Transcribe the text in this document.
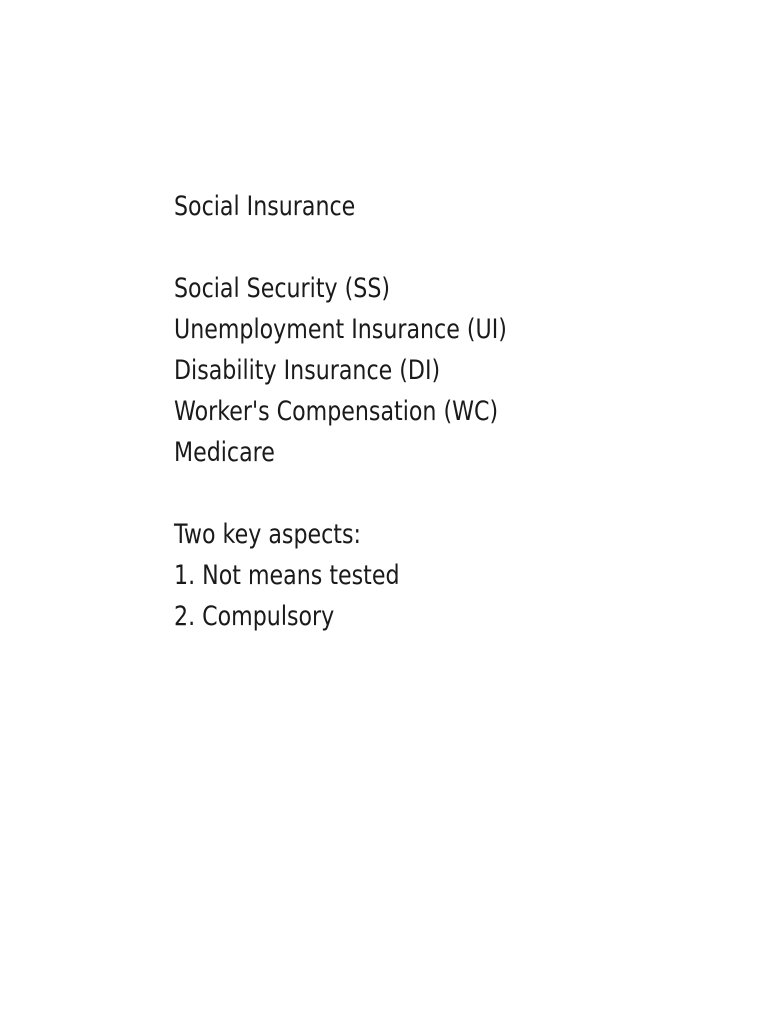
Social Insurance
Social Security (SS)
Unemployment Insurance (UI)
Disability Insurance (DI)
Worker's Compensation (WC)
Medicare
Two key aspects:
1. Not means tested
2. Compulsory
